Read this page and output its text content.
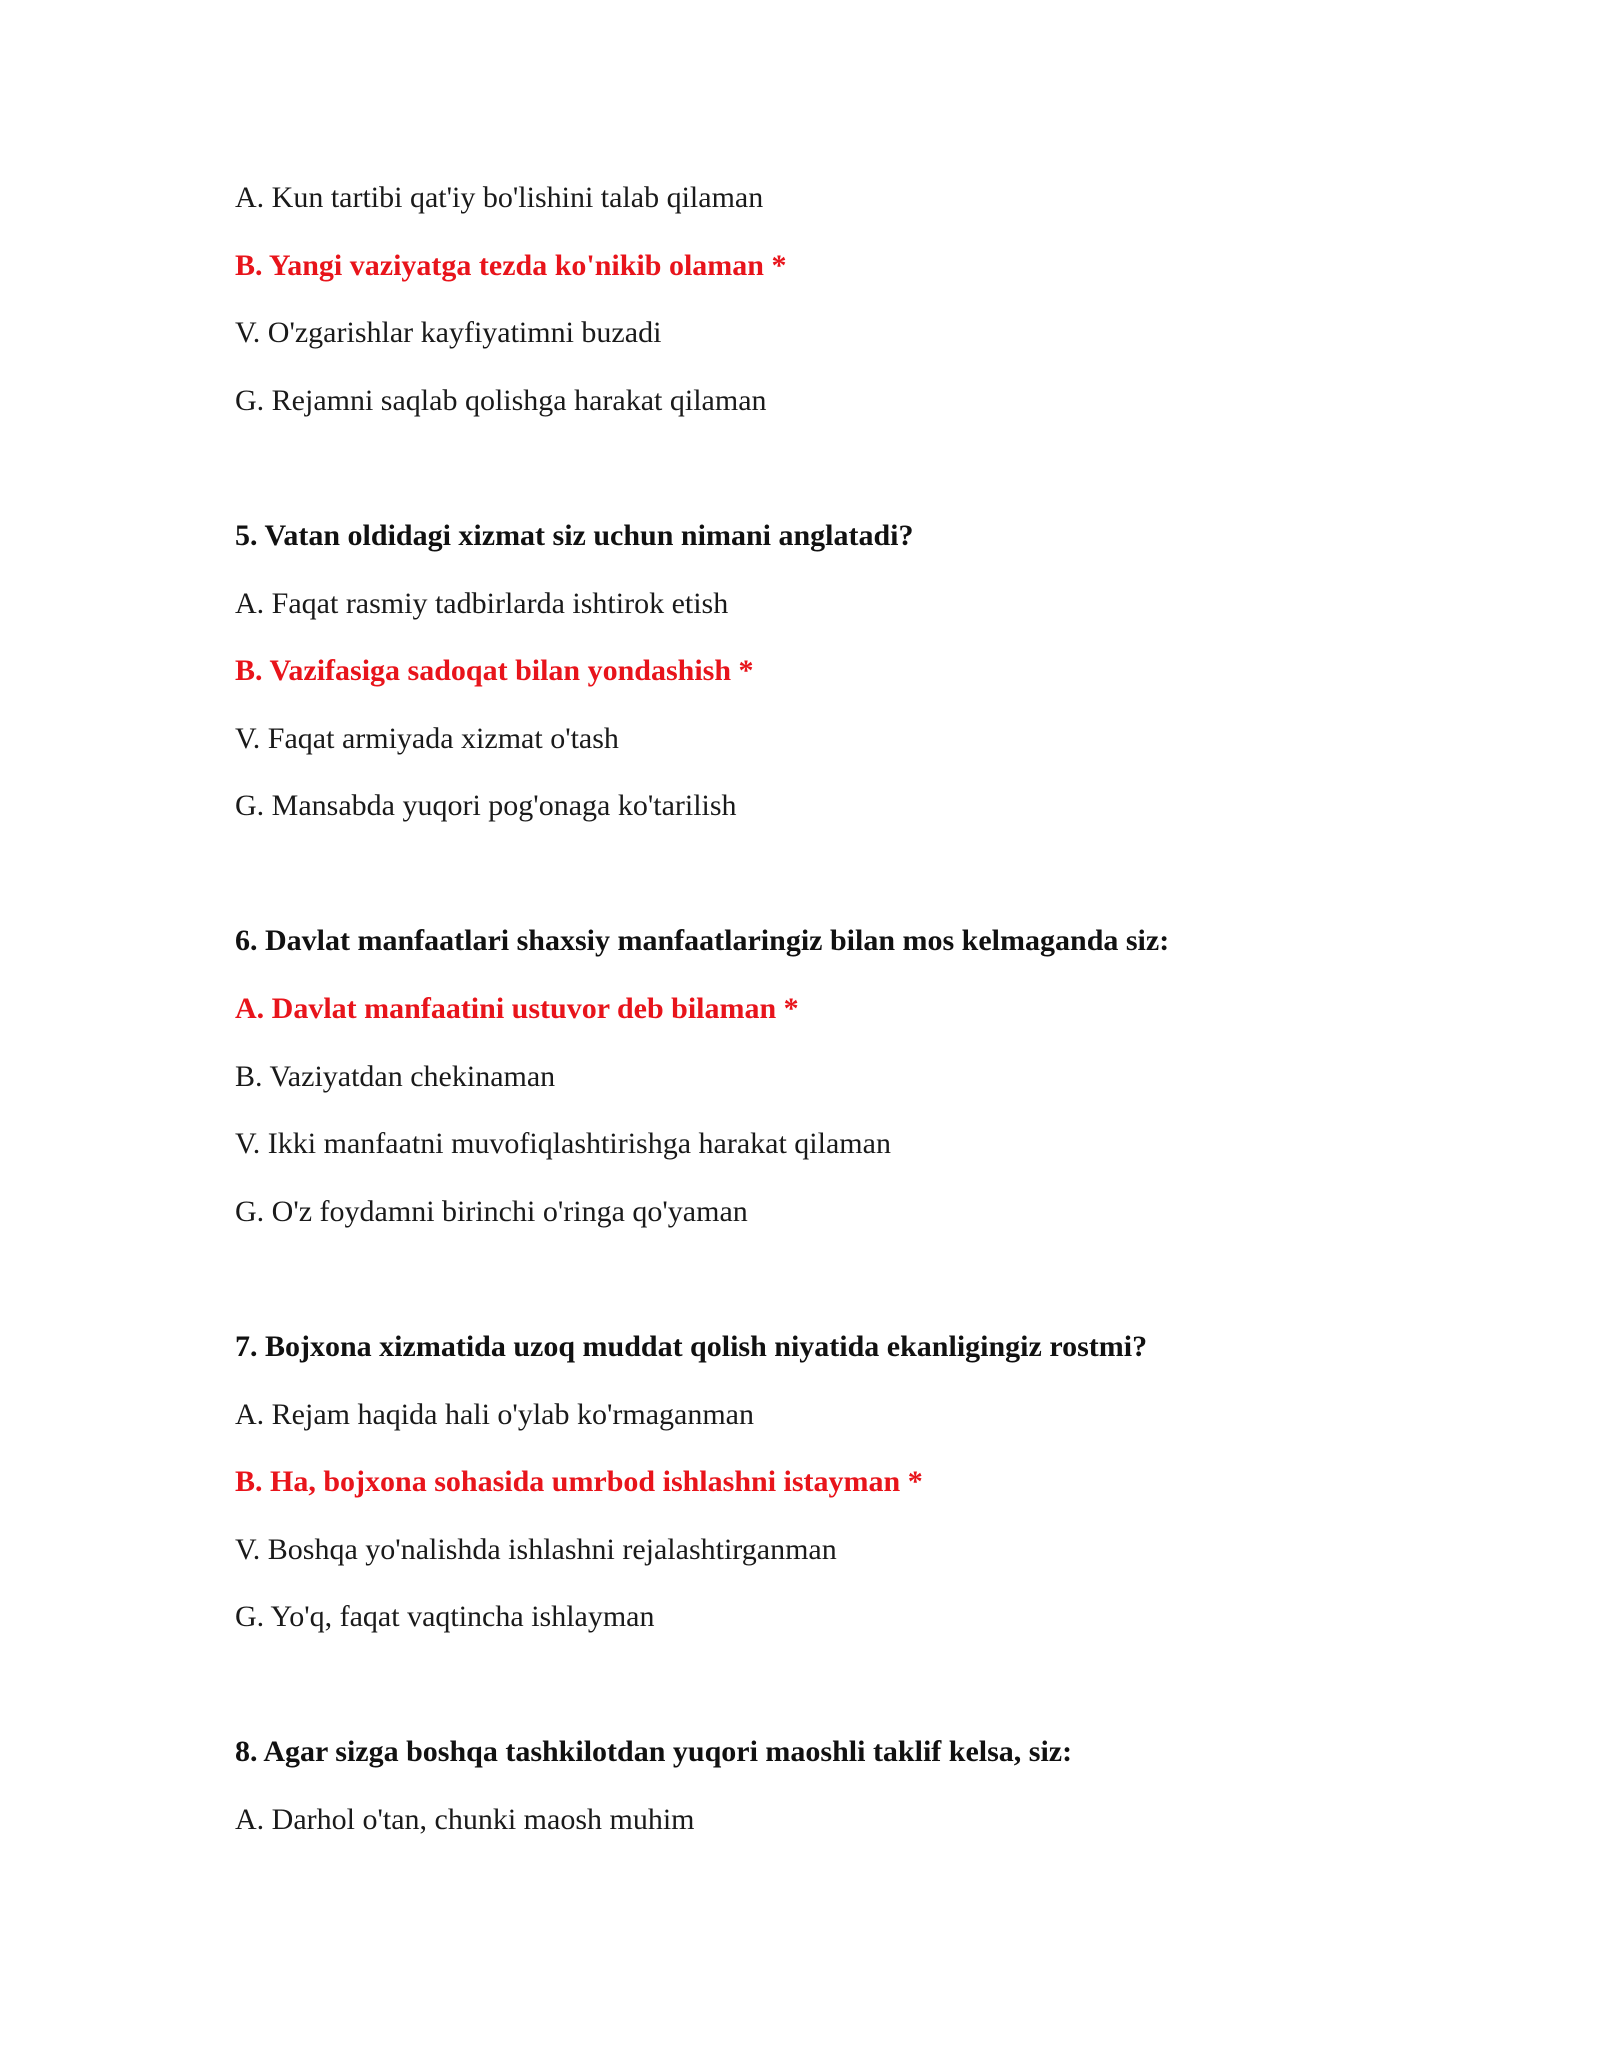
A. Kun tartibi qat'iy bo'lishini talab qilaman

B. Yangi vaziyatga tezda ko'nikib olaman *

V. O'zgarishlar kayfiyatimni buzadi

G. Rejamni saqlab qolishga harakat qilaman

5. Vatan oldidagi xizmat siz uchun nimani anglatadi?

A. Faqat rasmiy tadbirlarda ishtirok etish

B. Vazifasiga sadoqat bilan yondashish *

V. Faqat armiyada xizmat o'tash

G. Mansabda yuqori pog'onaga ko'tarilish

6. Davlat manfaatlari shaxsiy manfaatlaringiz bilan mos kelmaganda siz:

A. Davlat manfaatini ustuvor deb bilaman *

B. Vaziyatdan chekinaman

V. Ikki manfaatni muvofiqlashtirishga harakat qilaman

G. O'z foydamni birinchi o'ringa qo'yaman

7. Bojxona xizmatida uzoq muddat qolish niyatida ekanligingiz rostmi?

A. Rejam haqida hali o'ylab ko'rmaganman

B. Ha, bojxona sohasida umrbod ishlashni istayman *

V. Boshqa yo'nalishda ishlashni rejalashtirganman

G. Yo'q, faqat vaqtincha ishlayman

8. Agar sizga boshqa tashkilotdan yuqori maoshli taklif kelsa, siz:

A. Darhol o'tan, chunki maosh muhim
